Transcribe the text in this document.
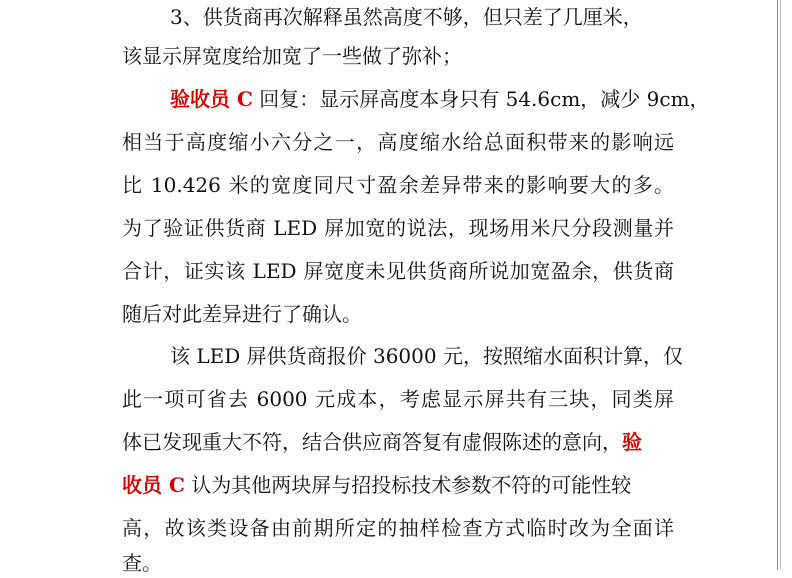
3、供货商再次解释虽然高度不够，但只差了几厘米，
该显示屏宽度给加宽了一些做了弥补；
验收员 C 回复：显示屏高度本身只有 54.6cm，减少 9cm，
相当于高度缩小六分之一，高度缩水给总面积带来的影响远
比 10.426 米的宽度同尺寸盈余差异带来的影响要大的多。
为了验证供货商 LED 屏加宽的说法，现场用米尺分段测量并
合计，证实该 LED 屏宽度未见供货商所说加宽盈余，供货商
随后对此差异进行了确认。
该 LED 屏供货商报价 36000 元，按照缩水面积计算，仅
此一项可省去 6000 元成本，考虑显示屏共有三块，同类屏
体已发现重大不符，结合供应商答复有虚假陈述的意向，验
收员 C 认为其他两块屏与招投标技术参数不符的可能性较
高，故该类设备由前期所定的抽样检查方式临时改为全面详
查。
